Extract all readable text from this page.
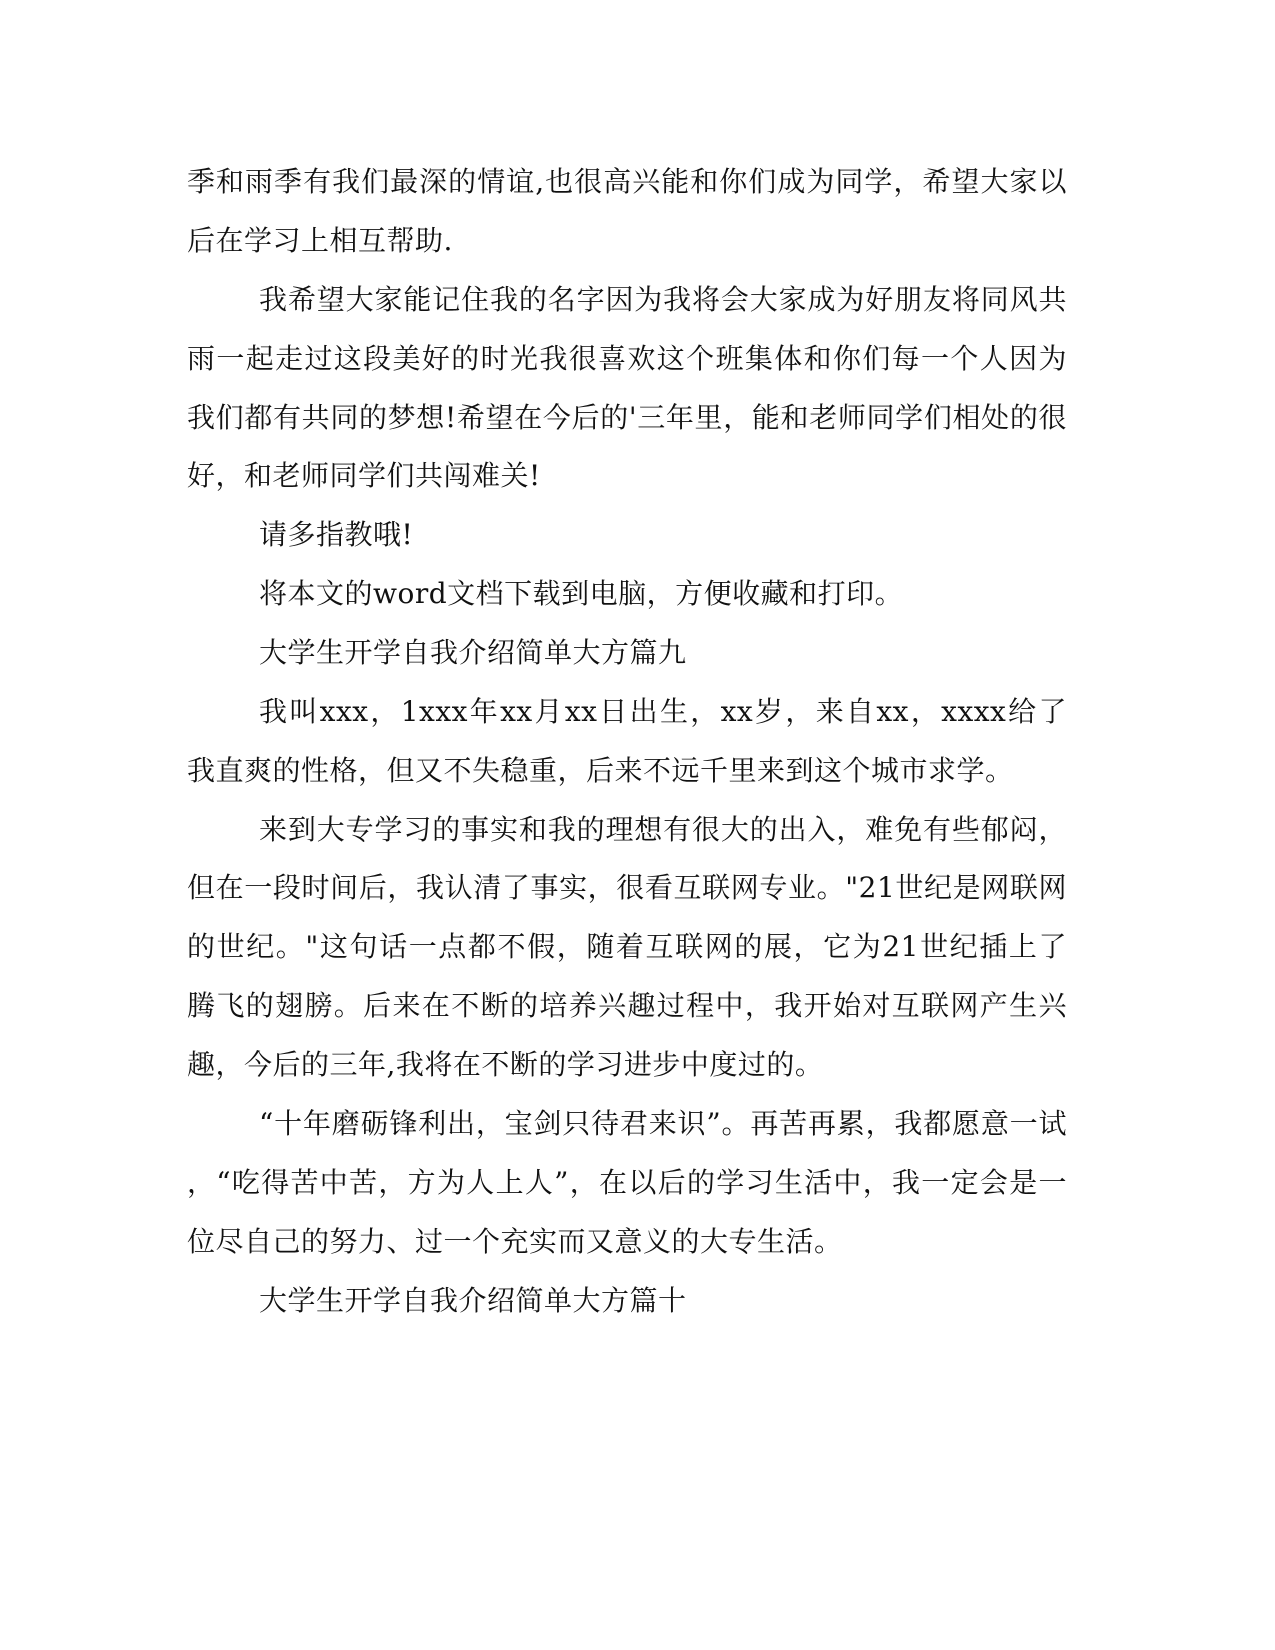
季和雨季有我们最深的情谊,也很高兴能和你们成为同学，希望大家以
后在学习上相互帮助.
我希望大家能记住我的名字因为我将会大家成为好朋友将同风共
雨一起走过这段美好的时光我很喜欢这个班集体和你们每一个人因为
我们都有共同的梦想!希望在今后的'三年里，能和老师同学们相处的很
好，和老师同学们共闯难关!
请多指教哦!
将本文的word文档下载到电脑，方便收藏和打印。
大学生开学自我介绍简单大方篇九
我叫xxx，1xxx年xx月xx日出生，xx岁，来自xx，xxxx给了
我直爽的性格，但又不失稳重，后来不远千里来到这个城市求学。
来到大专学习的事实和我的理想有很大的出入，难免有些郁闷，
但在一段时间后，我认清了事实，很看互联网专业。"21世纪是网联网
的世纪。"这句话一点都不假，随着互联网的展，它为21世纪插上了
腾飞的翅膀。后来在不断的培养兴趣过程中，我开始对互联网产生兴
趣，今后的三年,我将在不断的学习进步中度过的。
“十年磨砺锋利出，宝剑只待君来识”。再苦再累，我都愿意一试
，“吃得苦中苦，方为人上人”，在以后的学习生活中，我一定会是一
位尽自己的努力、过一个充实而又意义的大专生活。
大学生开学自我介绍简单大方篇十
